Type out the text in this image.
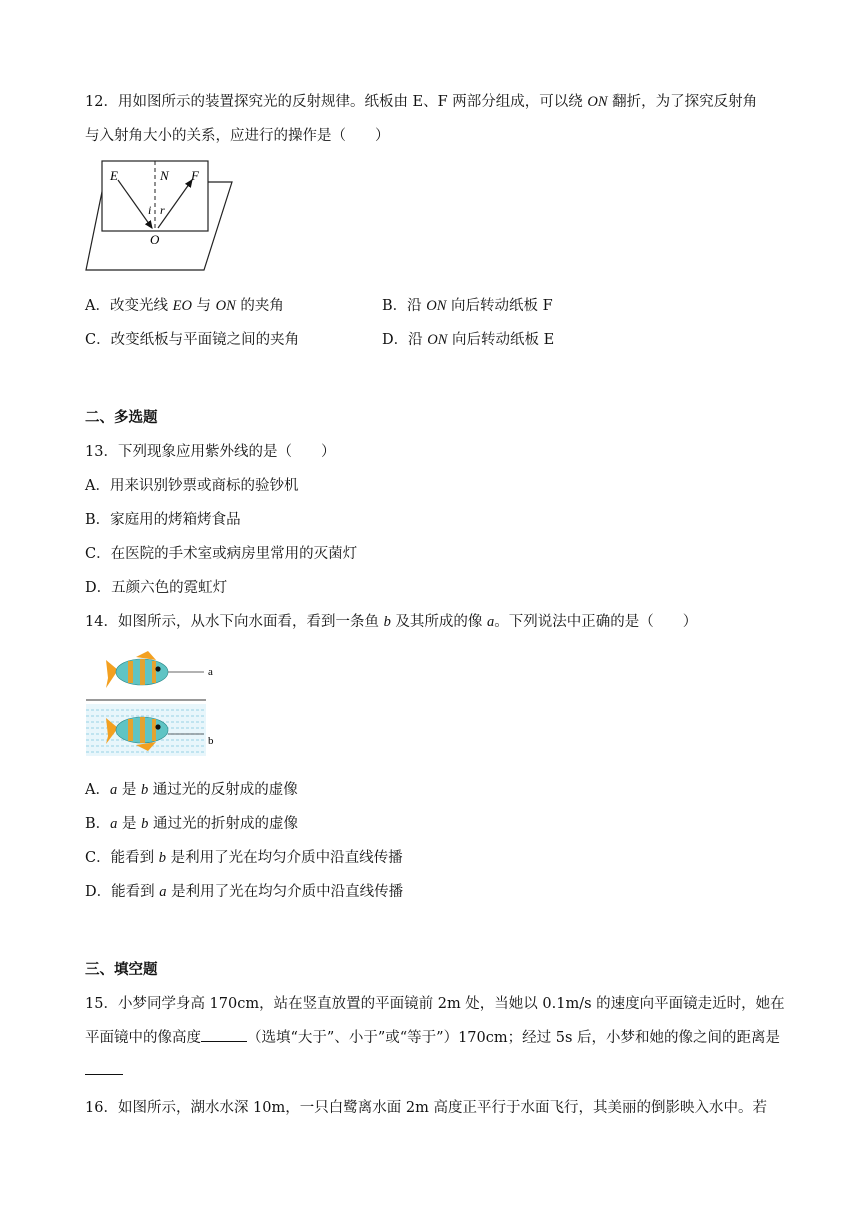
12．用如图所示的装置探究光的反射规律。纸板由 E、F 两部分组成，可以绕 ON 翻折，为了探究反射角
与入射角大小的关系，应进行的操作是（　　）
E	N F
i r
O
A．改变光线 EO 与 ON 的夹角	B．沿 ON 向后转动纸板 F
C．改变纸板与平面镜之间的夹角	D．沿 ON 向后转动纸板 E
二、多选题
13．下列现象应用紫外线的是（　　）
A．用来识别钞票或商标的验钞机
B．家庭用的烤箱烤食品
C．在医院的手术室或病房里常用的灭菌灯
D．五颜六色的霓虹灯
14．如图所示，从水下向水面看，看到一条鱼 b 及其所成的像 a。下列说法中正确的是（　　）
a
b
A．a 是 b 通过光的反射成的虚像
B．a 是 b 通过光的折射成的虚像
C．能看到 b 是利用了光在均匀介质中沿直线传播
D．能看到 a 是利用了光在均匀介质中沿直线传播
三、填空题
15．小梦同学身高 170cm，站在竖直放置的平面镜前 2m 处，当她以 0.1m/s 的速度向平面镜走近时，她在
平面镜中的像高度	（选填“大于”、小于”或“等于”）170cm；经过 5s 后，小梦和她的像之间的距离是
16．如图所示，湖水水深 10m，一只白鹭离水面 2m 高度正平行于水面飞行，其美丽的倒影映入水中。若
